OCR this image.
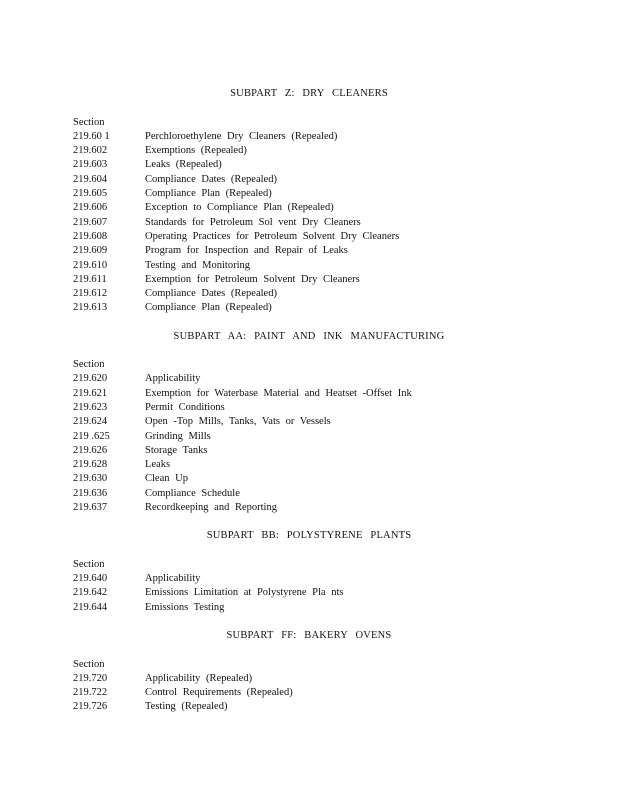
SUBPART Z: DRY CLEANERS
Section
219.60 1	Perchloroethylene Dry Cleaners (Repealed)
219.602	Exemptions (Repealed)
219.603	Leaks (Repealed)
219.604	Compliance Dates (Repealed)
219.605	Compliance Plan (Repealed)
219.606	Exception to Compliance Plan (Repealed)
219.607	Standards for Petroleum Sol vent Dry Cleaners
219.608	Operating Practices for Petroleum Solvent Dry Cleaners
219.609	Program for Inspection and Repair of Leaks
219.610	Testing and Monitoring
219.611	Exemption for Petroleum Solvent Dry Cleaners
219.612	Compliance Dates (Repealed)
219.613	Compliance Plan (Repealed)
SUBPART AA: PAINT AND INK MANUFACTURING
Section
219.620	Applicability
219.621	Exemption for Waterbase Material and Heatset -Offset Ink
219.623	Permit Conditions
219.624	Open -Top Mills, Tanks, Vats or Vessels
219 .625	Grinding Mills
219.626	Storage Tanks
219.628	Leaks
219.630	Clean Up
219.636	Compliance Schedule
219.637	Recordkeeping and Reporting
SUBPART BB: POLYSTYRENE PLANTS
Section
219.640	Applicability
219.642	Emissions Limitation at Polystyrene Pla nts
219.644	Emissions Testing
SUBPART FF: BAKERY OVENS
Section
219.720	Applicability (Repealed)
219.722	Control Requirements (Repealed)
219.726	Testing (Repealed)
